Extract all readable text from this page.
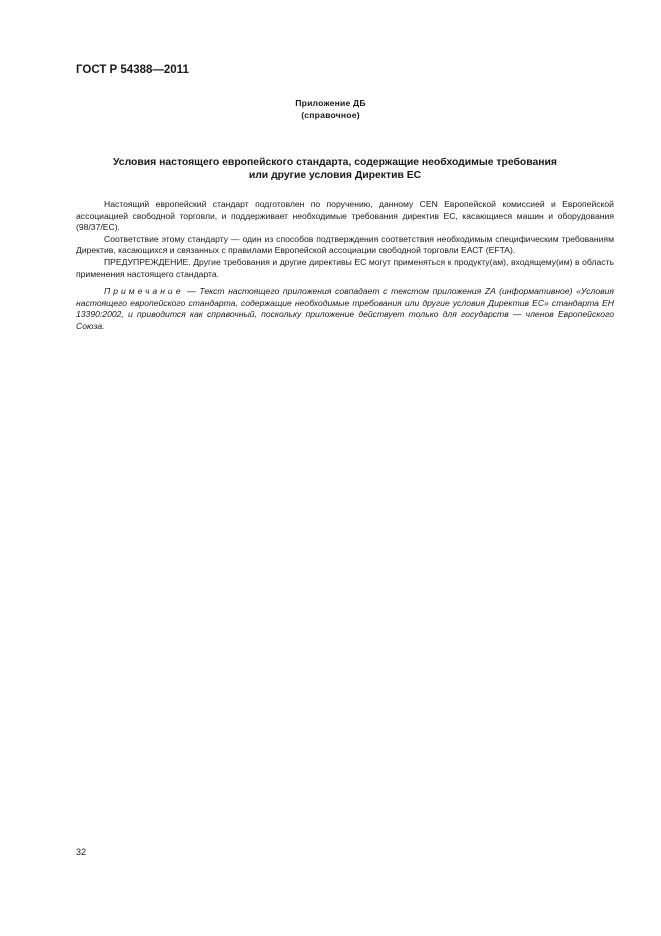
ГОСТ Р 54388—2011
Приложение ДБ
(справочное)
Условия настоящего европейского стандарта, содержащие необходимые требования
или другие условия Директив ЕС

Настоящий европейский стандарт подготовлен по поручению, данному CEN Европейской комиссией и Европейской ассоциацией свободной торговли, и поддерживает необходимые требования директив ЕС, касающиеся машин и оборудования (98/37/EC).

Соответствие этому стандарту — один из способов подтверждения соответствия необходимым специфическим требованиям Директив, касающихся и связанных с правилами Европейской ассоциации свободной торговли ЕАСТ (EFTA).

ПРЕДУПРЕЖДЕНИЕ. Другие требования и другие директивы ЕС могут применяться к продукту(ам), входящему(им) в область применения настоящего стандарта.

Примечание — Текст настоящего приложения совпадает с текстом приложения ZA (информативное) «Условия настоящего европейского стандарта, содержащие необходимые требования или другие условия Директив ЕС» стандарта ЕН 13390:2002, и приводится как справочный, поскольку приложение действует только для государств — членов Европейского Союза.

32
